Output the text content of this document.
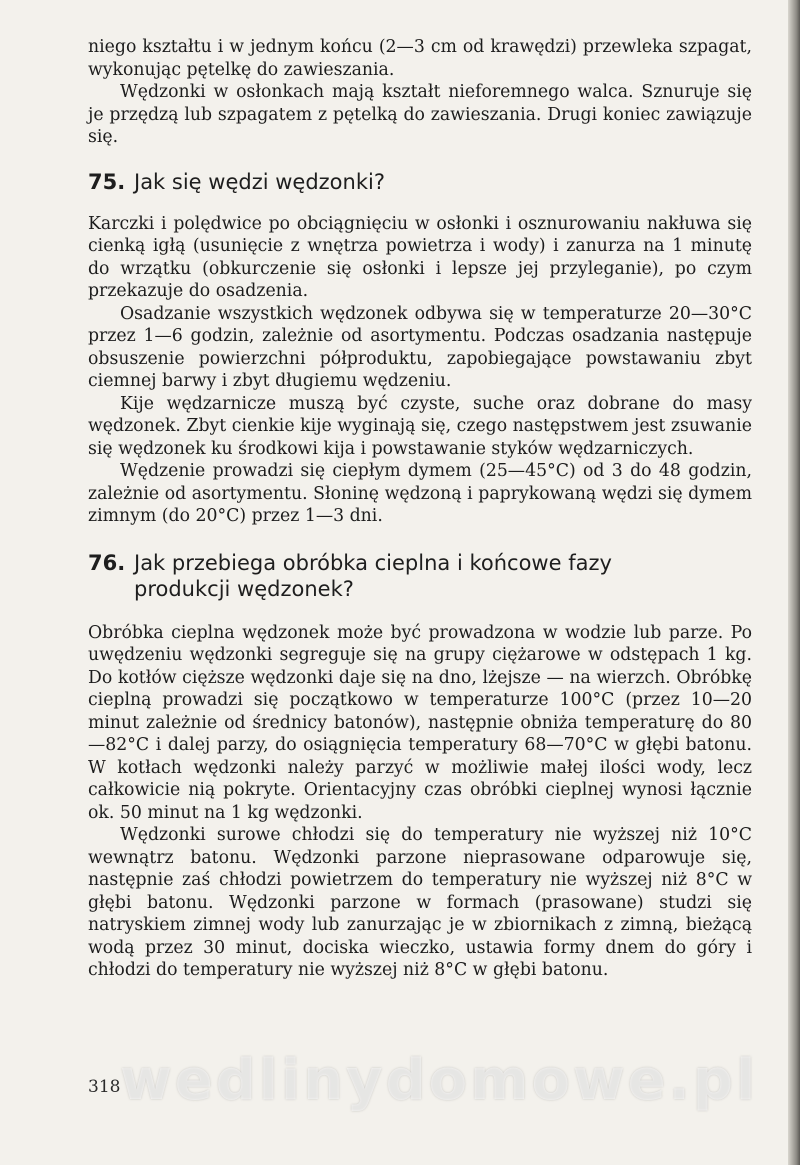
niego kształtu i w jednym końcu (2—3 cm od krawędzi) przewleka szpagat, wykonując pętelkę do zawieszania.

Wędzonki w osłonkach mają kształt nieforemnego walca. Sznuruje się je przędzą lub szpagatem z pętelką do zawieszania. Drugi koniec zawiązuje się.

75. Jak się wędzi wędzonki?

Karczki i polędwice po obciągnięciu w osłonki i osznurowaniu nakłuwa się cienką igłą (usunięcie z wnętrza powietrza i wody) i zanurza na 1 minutę do wrzątku (obkurczenie się osłonki i lepsze jej przyleganie), po czym przekazuje do osadzenia.

Osadzanie wszystkich wędzonek odbywa się w temperaturze 20—30°C przez 1—6 godzin, zależnie od asortymentu. Podczas osadzania następuje obsuszenie powierzchni półproduktu, zapobiegające powstawaniu zbyt ciemnej barwy i zbyt długiemu wędzeniu.

Kije wędzarnicze muszą być czyste, suche oraz dobrane do masy wędzonek. Zbyt cienkie kije wyginają się, czego następstwem jest zsuwanie się wędzonek ku środkowi kija i powstawanie styków wędzarniczych.

Wędzenie prowadzi się ciepłym dymem (25—45°C) od 3 do 48 godzin, zależnie od asortymentu. Słoninę wędzoną i paprykowaną wędzi się dymem zimnym (do 20°C) przez 1—3 dni.

76. Jak przebiega obróbka cieplna i końcowe fazy
produkcji wędzonek?

Obróbka cieplna wędzonek może być prowadzona w wodzie lub parze. Po uwędzeniu wędzonki segreguje się na grupy ciężarowe w odstępach 1 kg. Do kotłów cięższe wędzonki daje się na dno, lżejsze — na wierzch. Obróbkę cieplną prowadzi się początkowo w temperaturze 100°C (przez 10—20 minut zależnie od średnicy batonów), następnie obniża temperaturę do 80—82°C i dalej parzy, do osiągnięcia temperatury 68—70°C w głębi batonu. W kotłach wędzonki należy parzyć w możliwie małej ilości wody, lecz całkowicie nią pokryte. Orientacyjny czas obróbki cieplnej wynosi łącznie ok. 50 minut na 1 kg wędzonki.

Wędzonki surowe chłodzi się do temperatury nie wyższej niż 10°C wewnątrz batonu. Wędzonki parzone nieprasowane odparowuje się, następnie zaś chłodzi powietrzem do temperatury nie wyższej niż 8°C w głębi batonu. Wędzonki parzone w formach (prasowane) studzi się natryskiem zimnej wody lub zanurzając je w zbiornikach z zimną, bieżącą wodą przez 30 minut, dociska wieczko, ustawia formy dnem do góry i chłodzi do temperatury nie wyższej niż 8°C w głębi batonu.

wedlinydomowe.pl
318
